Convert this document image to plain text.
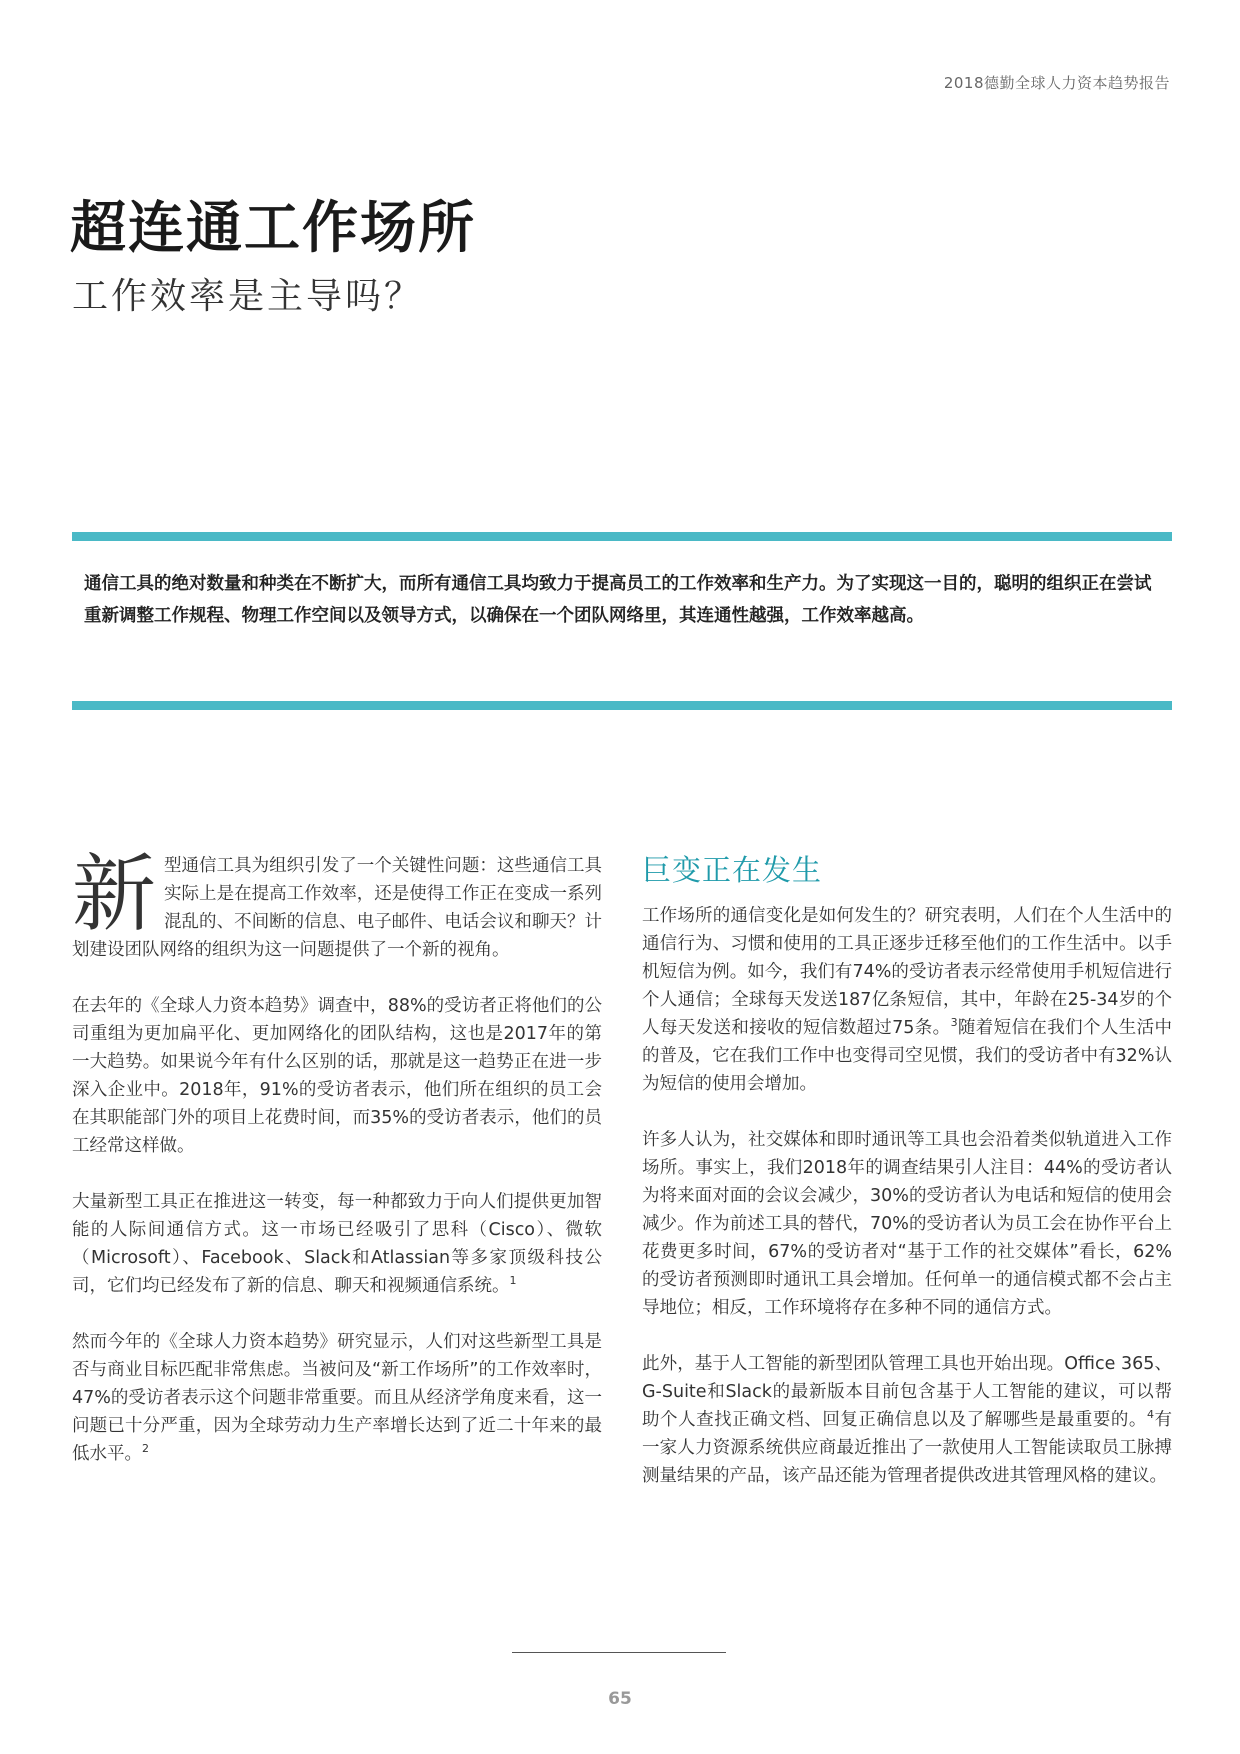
2018德勤全球人力资本趋势报告
超连通工作场所
工作效率是主导吗？

通信工具的绝对数量和种类在不断扩大，而所有通信工具均致力于提高员工的工作效率和生产力。为了实现这一目的，聪明的组织正在尝试重新调整工作规程、物理工作空间以及领导方式，以确保在一个团队网络里，其连通性越强，工作效率越高。

新型通信工具为组织引发了一个关键性问题：这些通信工具实际上是在提高工作效率，还是使得工作正在变成一系列混乱的、不间断的信息、电子邮件、电话会议和聊天？计划建设团队网络的组织为这一问题提供了一个新的视角。

在去年的《全球人力资本趋势》调查中，88%的受访者正将他们的公司重组为更加扁平化、更加网络化的团队结构，这也是2017年的第一大趋势。如果说今年有什么区别的话，那就是这一趋势正在进一步深入企业中。2018年，91%的受访者表示，他们所在组织的员工会在其职能部门外的项目上花费时间，而35%的受访者表示，他们的员工经常这样做。

大量新型工具正在推进这一转变，每一种都致力于向人们提供更加智能的人际间通信方式。这一市场已经吸引了思科（Cisco）、微软（Microsoft）、Facebook、Slack和Atlassian等多家顶级科技公司，它们均已经发布了新的信息、聊天和视频通信系统。$^1$

然而今年的《全球人力资本趋势》研究显示，人们对这些新型工具是否与商业目标匹配非常焦虑。当被问及“新工作场所”的工作效率时，47%的受访者表示这个问题非常重要。而且从经济学角度来看，这一问题已十分严重，因为全球劳动力生产率增长达到了近二十年来的最低水平。$^2$

巨变正在发生

工作场所的通信变化是如何发生的？研究表明，人们在个人生活中的通信行为、习惯和使用的工具正逐步迁移至他们的工作生活中。以手机短信为例。如今，我们有74%的受访者表示经常使用手机短信进行个人通信；全球每天发送187亿条短信，其中，年龄在25-34岁的个人每天发送和接收的短信数超过75条。$^3$随着短信在我们个人生活中的普及，它在我们工作中也变得司空见惯，我们的受访者中有32%认为短信的使用会增加。

许多人认为，社交媒体和即时通讯等工具也会沿着类似轨道进入工作场所。事实上，我们2018年的调查结果引人注目：44%的受访者认为将来面对面的会议会减少，30%的受访者认为电话和短信的使用会减少。作为前述工具的替代，70%的受访者认为员工会在协作平台上花费更多时间，67%的受访者对“基于工作的社交媒体”看长，62%的受访者预测即时通讯工具会增加。任何单一的通信模式都不会占主导地位；相反，工作环境将存在多种不同的通信方式。

此外，基于人工智能的新型团队管理工具也开始出现。Office 365、G-Suite和Slack的最新版本目前包含基于人工智能的建议，可以帮助个人查找正确文档、回复正确信息以及了解哪些是最重要的。$^4$有一家人力资源系统供应商最近推出了一款使用人工智能读取员工脉搏测量结果的产品，该产品还能为管理者提供改进其管理风格的建议。

65
